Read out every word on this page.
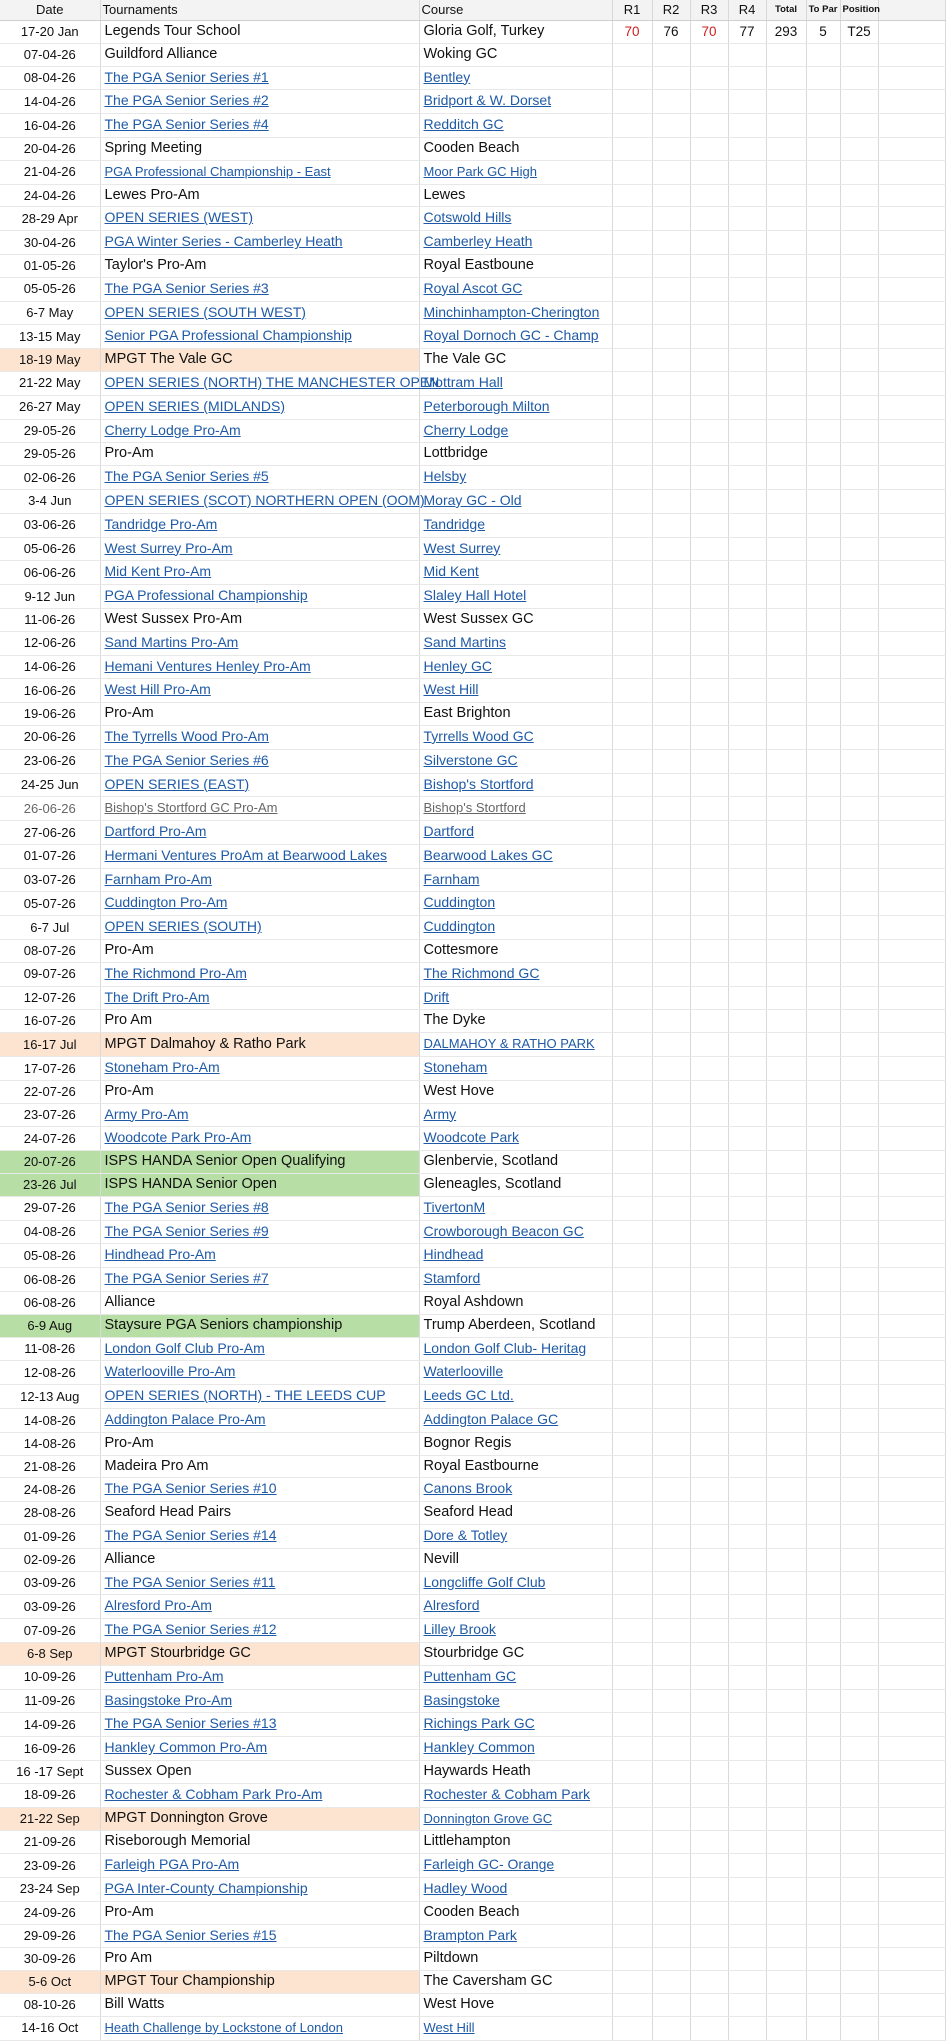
Date	Tournaments	Course	R1	R2	R3	R4	Total	To Par	Position	
17-20 Jan	Legends Tour School	Gloria Golf, Turkey	70	76	70	77	293	5	T25	
07-04-26	Guildford Alliance	Woking GC								
08-04-26	The PGA Senior Series #1	Bentley								
14-04-26	The PGA Senior Series #2	Bridport & W. Dorset								
16-04-26	The PGA Senior Series #4	Redditch GC								
20-04-26	Spring Meeting	Cooden Beach								
21-04-26	PGA Professional Championship - East	Moor Park GC High								
24-04-26	Lewes Pro-Am	Lewes								
28-29 Apr	OPEN SERIES (WEST)	Cotswold Hills								
30-04-26	PGA Winter Series - Camberley Heath	Camberley Heath								
01-05-26	Taylor's Pro-Am	Royal Eastboune								
05-05-26	The PGA Senior Series #3	Royal Ascot GC								
6-7 May	OPEN SERIES (SOUTH WEST)	Minchinhampton-Cherington								
13-15 May	Senior PGA Professional Championship	Royal Dornoch GC - Champ								
18-19 May	MPGT The Vale GC	The Vale GC								
21-22 May	OPEN SERIES (NORTH) THE MANCHESTER OPEN	Mottram Hall								
26-27 May	OPEN SERIES (MIDLANDS)	Peterborough Milton								
29-05-26	Cherry Lodge Pro-Am	Cherry Lodge								
29-05-26	Pro-Am	Lottbridge								
02-06-26	The PGA Senior Series #5	Helsby								
3-4 Jun	OPEN SERIES (SCOT) NORTHERN OPEN (OOM)	Moray GC - Old								
03-06-26	Tandridge Pro-Am	Tandridge								
05-06-26	West Surrey Pro-Am	West Surrey								
06-06-26	Mid Kent Pro-Am	Mid Kent								
9-12 Jun	PGA Professional Championship	Slaley Hall Hotel								
11-06-26	West Sussex Pro-Am	West Sussex GC								
12-06-26	Sand Martins Pro-Am	Sand Martins								
14-06-26	Hemani Ventures Henley Pro-Am	Henley GC								
16-06-26	West Hill Pro-Am	West Hill								
19-06-26	Pro-Am	East Brighton								
20-06-26	The Tyrrells Wood Pro-Am	Tyrrells Wood GC								
23-06-26	The PGA Senior Series #6	Silverstone GC								
24-25 Jun	OPEN SERIES (EAST)	Bishop's Stortford								
26-06-26	Bishop's Stortford GC Pro-Am	Bishop's Stortford								
27-06-26	Dartford Pro-Am	Dartford								
01-07-26	Hermani Ventures ProAm at Bearwood Lakes	Bearwood Lakes GC								
03-07-26	Farnham Pro-Am	Farnham								
05-07-26	Cuddington Pro-Am	Cuddington								
6-7 Jul	OPEN SERIES (SOUTH)	Cuddington								
08-07-26	Pro-Am	Cottesmore								
09-07-26	The Richmond Pro-Am	The Richmond GC								
12-07-26	The Drift Pro-Am	Drift								
16-07-26	Pro Am	The Dyke								
16-17 Jul	MPGT Dalmahoy & Ratho Park	DALMAHOY & RATHO PARK								
17-07-26	Stoneham Pro-Am	Stoneham								
22-07-26	Pro-Am	West Hove								
23-07-26	Army Pro-Am	Army								
24-07-26	Woodcote Park Pro-Am	Woodcote Park								
20-07-26	ISPS HANDA Senior Open Qualifying	Glenbervie, Scotland								
23-26 Jul	ISPS HANDA Senior Open	Gleneagles, Scotland								
29-07-26	The PGA Senior Series #8	TivertonM								
04-08-26	The PGA Senior Series #9	Crowborough Beacon GC								
05-08-26	Hindhead Pro-Am	Hindhead								
06-08-26	The PGA Senior Series #7	Stamford								
06-08-26	Alliance	Royal Ashdown								
6-9 Aug	Staysure PGA Seniors championship	Trump Aberdeen, Scotland								
11-08-26	London Golf Club Pro-Am	London Golf Club- Heritag								
12-08-26	Waterlooville Pro-Am	Waterlooville								
12-13 Aug	OPEN SERIES (NORTH) - THE LEEDS CUP	Leeds GC Ltd.								
14-08-26	Addington Palace Pro-Am	Addington Palace GC								
14-08-26	Pro-Am	Bognor Regis								
21-08-26	Madeira Pro Am	Royal Eastbourne								
24-08-26	The PGA Senior Series #10	Canons Brook								
28-08-26	Seaford Head Pairs	Seaford Head								
01-09-26	The PGA Senior Series #14	Dore & Totley								
02-09-26	Alliance	Nevill								
03-09-26	The PGA Senior Series #11	Longcliffe Golf Club								
03-09-26	Alresford Pro-Am	Alresford								
07-09-26	The PGA Senior Series #12	Lilley Brook								
6-8 Sep	MPGT Stourbridge GC	Stourbridge GC								
10-09-26	Puttenham Pro-Am	Puttenham GC								
11-09-26	Basingstoke Pro-Am	Basingstoke								
14-09-26	The PGA Senior Series #13	Richings Park GC								
16-09-26	Hankley Common Pro-Am	Hankley Common								
16 -17 Sept	Sussex Open	Haywards Heath								
18-09-26	Rochester & Cobham Park Pro-Am	Rochester & Cobham Park								
21-22 Sep	MPGT Donnington Grove	Donnington Grove GC								
21-09-26	Riseborough Memorial	Littlehampton								
23-09-26	Farleigh PGA Pro-Am	Farleigh GC- Orange								
23-24 Sep	PGA Inter-County Championship	Hadley Wood								
24-09-26	Pro-Am	Cooden Beach								
29-09-26	The PGA Senior Series #15	Brampton Park								
30-09-26	Pro Am	Piltdown								
5-6 Oct	MPGT Tour Championship	The Caversham GC								
08-10-26	Bill Watts	West Hove								
14-16 Oct	Heath Challenge by Lockstone of London	West Hill								
